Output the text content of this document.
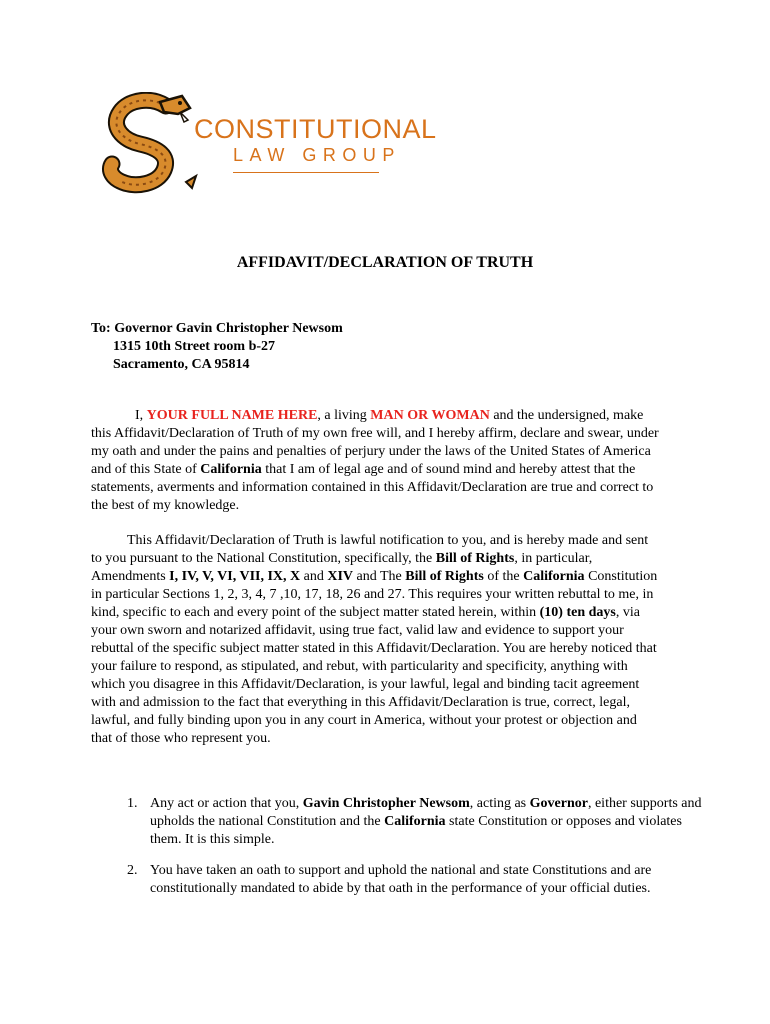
CONSTITUTIONAL
LAW GROUP
AFFIDAVIT/DECLARATION OF TRUTH
To: Governor Gavin Christopher Newsom
1315 10th Street room b-27
Sacramento, CA 95814
I, YOUR FULL NAME HERE, a living MAN OR WOMAN and the undersigned, make this Affidavit/Declaration of Truth of my own free will, and I hereby affirm, declare and swear, under my oath and under the pains and penalties of perjury under the laws of the United States of America and of this State of California that I am of legal age and of sound mind and hereby attest that the statements, averments and information contained in this Affidavit/Declaration are true and correct to the best of my knowledge.
This Affidavit/Declaration of Truth is lawful notification to you, and is hereby made and sent to you pursuant to the National Constitution, specifically, the Bill of Rights, in particular, Amendments I, IV, V, VI, VII, IX, X and XIV and The Bill of Rights of the California Constitution in particular Sections 1, 2, 3, 4, 7 ,10, 17, 18, 26 and 27. This requires your written rebuttal to me, in kind, specific to each and every point of the subject matter stated herein, within (10) ten days, via your own sworn and notarized affidavit, using true fact, valid law and evidence to support your rebuttal of the specific subject matter stated in this Affidavit/Declaration. You are hereby noticed that your failure to respond, as stipulated, and rebut, with particularity and specificity, anything with which you disagree in this Affidavit/Declaration, is your lawful, legal and binding tacit agreement with and admission to the fact that everything in this Affidavit/Declaration is true, correct, legal, lawful, and fully binding upon you in any court in America, without your protest or objection and that of those who represent you.
1. Any act or action that you, Gavin Christopher Newsom, acting as Governor, either supports and upholds the national Constitution and the California state Constitution or opposes and violates them. It is this simple.
2. You have taken an oath to support and uphold the national and state Constitutions and are constitutionally mandated to abide by that oath in the performance of your official duties.
